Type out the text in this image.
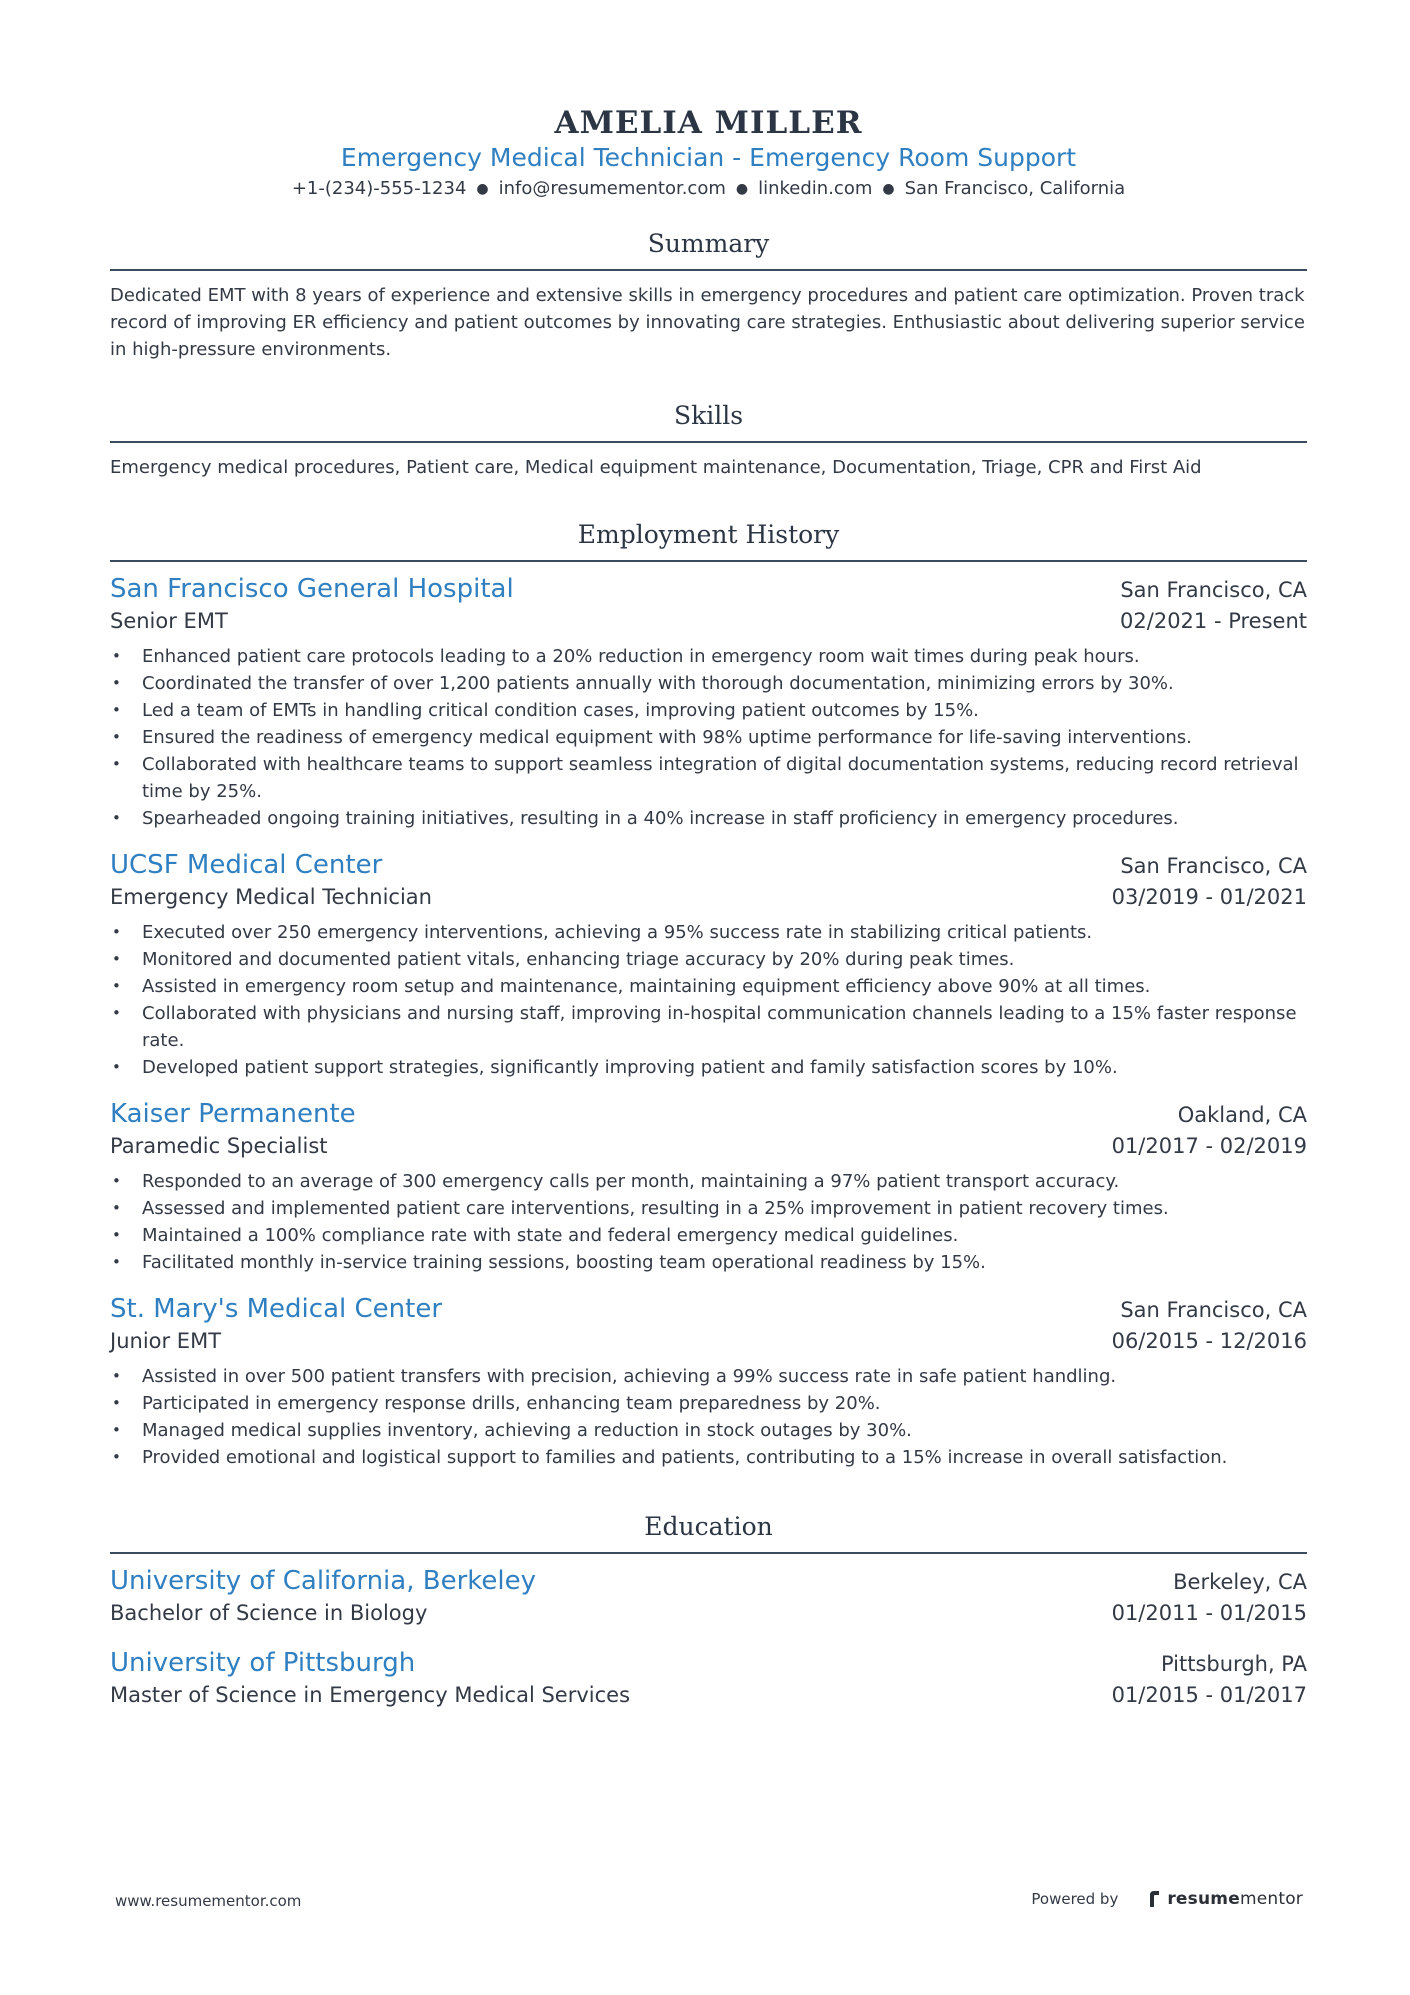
AMELIA MILLER
Emergency Medical Technician - Emergency Room Support
+1-(234)-555-1234 ● info@resumementor.com ● linkedin.com ● San Francisco, California
Summary
Dedicated EMT with 8 years of experience and extensive skills in emergency procedures and patient care optimization. Proven track record of improving ER efficiency and patient outcomes by innovating care strategies. Enthusiastic about delivering superior service in high-pressure environments.
Skills
Emergency medical procedures, Patient care, Medical equipment maintenance, Documentation, Triage, CPR and First Aid
Employment History
San Francisco General Hospital	San Francisco, CA
Senior EMT	02/2021 - Present
• Enhanced patient care protocols leading to a 20% reduction in emergency room wait times during peak hours.
• Coordinated the transfer of over 1,200 patients annually with thorough documentation, minimizing errors by 30%.
• Led a team of EMTs in handling critical condition cases, improving patient outcomes by 15%.
• Ensured the readiness of emergency medical equipment with 98% uptime performance for life-saving interventions.
• Collaborated with healthcare teams to support seamless integration of digital documentation systems, reducing record retrieval time by 25%.
• Spearheaded ongoing training initiatives, resulting in a 40% increase in staff proficiency in emergency procedures.
UCSF Medical Center	San Francisco, CA
Emergency Medical Technician	03/2019 - 01/2021
• Executed over 250 emergency interventions, achieving a 95% success rate in stabilizing critical patients.
• Monitored and documented patient vitals, enhancing triage accuracy by 20% during peak times.
• Assisted in emergency room setup and maintenance, maintaining equipment efficiency above 90% at all times.
• Collaborated with physicians and nursing staff, improving in-hospital communication channels leading to a 15% faster response rate.
• Developed patient support strategies, significantly improving patient and family satisfaction scores by 10%.
Kaiser Permanente	Oakland, CA
Paramedic Specialist	01/2017 - 02/2019
• Responded to an average of 300 emergency calls per month, maintaining a 97% patient transport accuracy.
• Assessed and implemented patient care interventions, resulting in a 25% improvement in patient recovery times.
• Maintained a 100% compliance rate with state and federal emergency medical guidelines.
• Facilitated monthly in-service training sessions, boosting team operational readiness by 15%.
St. Mary's Medical Center	San Francisco, CA
Junior EMT	06/2015 - 12/2016
• Assisted in over 500 patient transfers with precision, achieving a 99% success rate in safe patient handling.
• Participated in emergency response drills, enhancing team preparedness by 20%.
• Managed medical supplies inventory, achieving a reduction in stock outages by 30%.
• Provided emotional and logistical support to families and patients, contributing to a 15% increase in overall satisfaction.
Education
University of California, Berkeley	Berkeley, CA
Bachelor of Science in Biology	01/2011 - 01/2015
University of Pittsburgh	Pittsburgh, PA
Master of Science in Emergency Medical Services	01/2015 - 01/2017
www.resumementor.com	Powered by	resumementor
